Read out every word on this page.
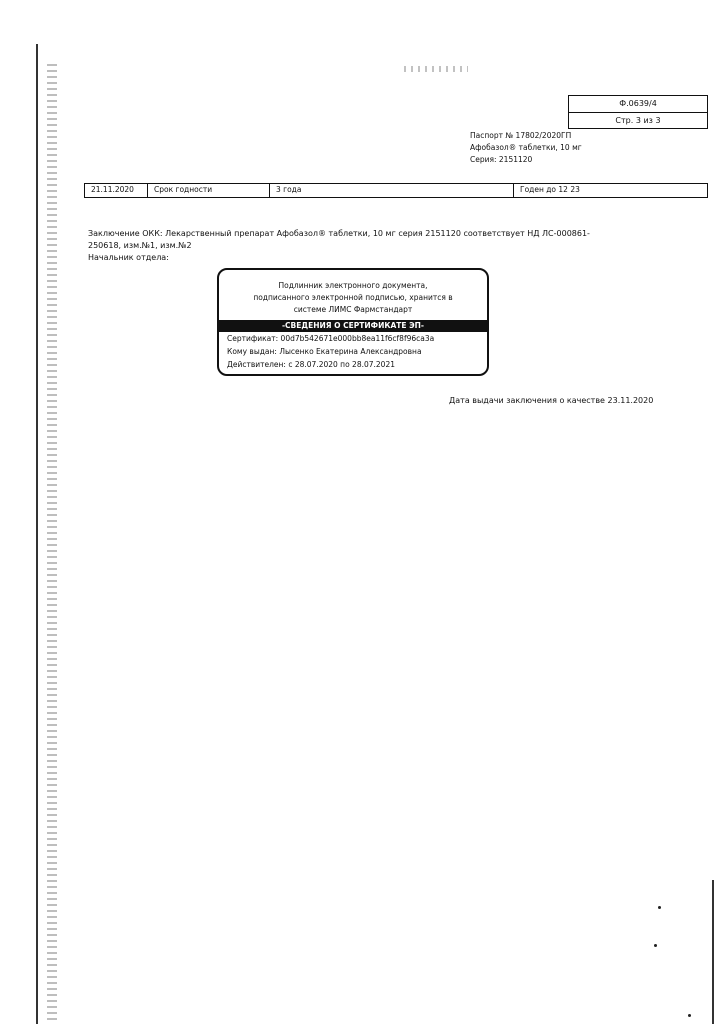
Ф.0639/4
Стр. 3 из 3
Паспорт № 17802/2020ГП
Афобазол® таблетки, 10 мг
Серия: 2151120
21.11.2020	Срок годности	3 года	Годен до 12 23
Заключение ОКК: Лекарственный препарат Афобазол® таблетки, 10 мг серия 2151120 соответствует НД ЛС-000861-250618, изм.№1, изм.№2
Начальник отдела:
Подлинник электронного документа,
подписанного электронной подписью, хранится в
системе ЛИМС Фармстандарт
-СВЕДЕНИЯ О СЕРТИФИКАТЕ ЭП-
Сертификат: 00d7b542671e000bb8ea11f6cf8f96ca3a
Кому выдан: Лысенко Екатерина Александровна
Действителен: с 28.07.2020 по 28.07.2021
Дата выдачи заключения о качестве 23.11.2020
